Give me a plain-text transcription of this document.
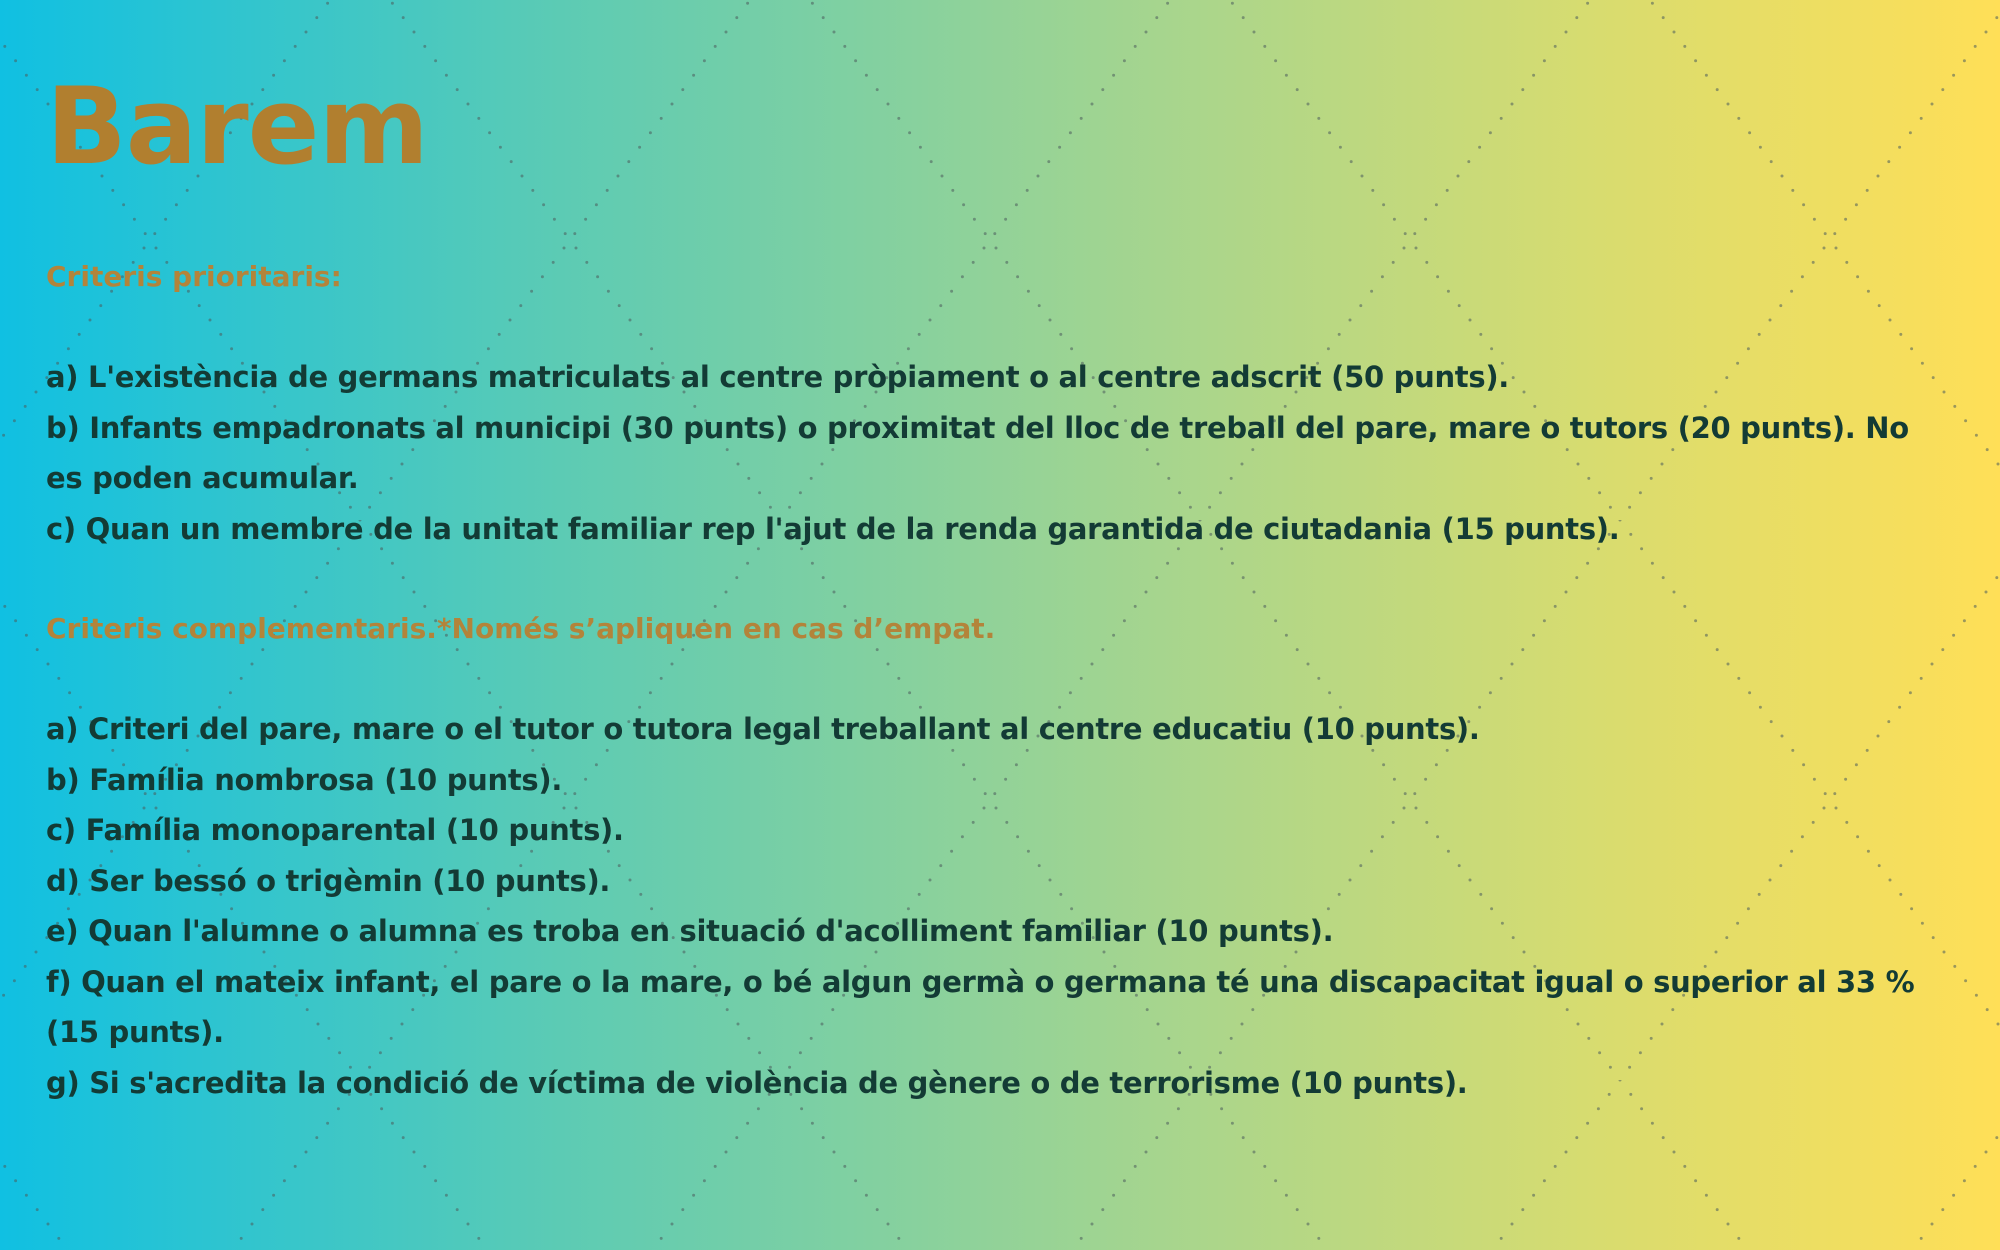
Barem
Criteris prioritaris:
a) L'existència de germans matriculats al centre pròpiament o al centre adscrit (50 punts).
b) Infants empadronats al municipi (30 punts) o proximitat del lloc de treball del pare, mare o tutors (20 punts). No es poden acumular.
c) Quan un membre de la unitat familiar rep l'ajut de la renda garantida de ciutadania (15 punts).
Criteris complementaris.*Només s’apliquen en cas d’empat.
a) Criteri del pare, mare o el tutor o tutora legal treballant al centre educatiu (10 punts).
b) Família nombrosa (10 punts).
c) Família monoparental (10 punts).
d) Ser bessó o trigèmin (10 punts).
e) Quan l'alumne o alumna es troba en situació d'acolliment familiar (10 punts).
f) Quan el mateix infant, el pare o la mare, o bé algun germà o germana té una discapacitat igual o superior al 33 % (15 punts).
g) Si s'acredita la condició de víctima de violència de gènere o de terrorisme (10 punts).
